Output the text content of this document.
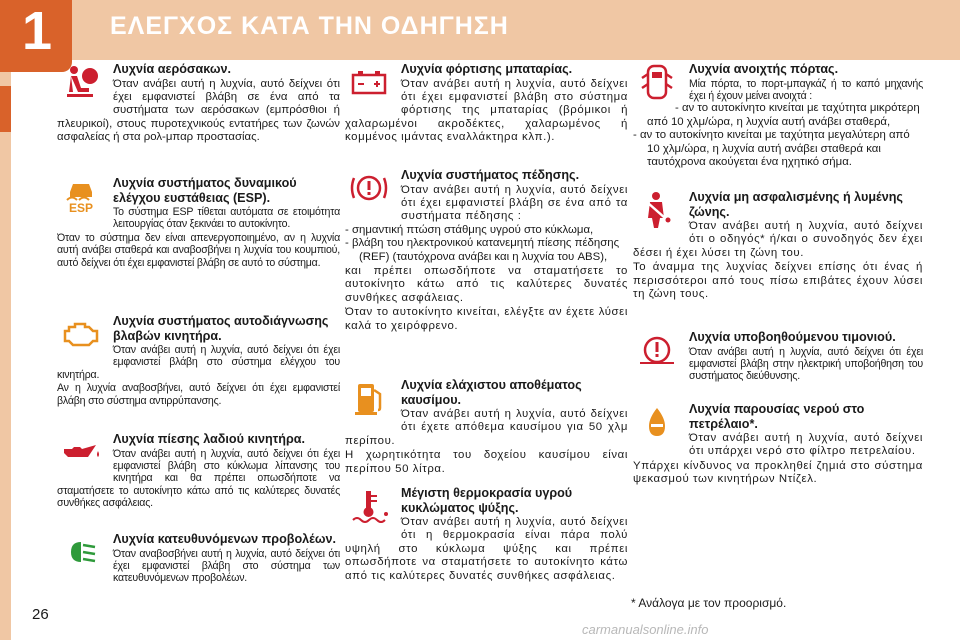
1 ΕΛΕΓΧΟΣ ΚΑΤΑ ΤΗΝ ΟΔΗΓΗΣΗ
Λυχνία αερόσακων.

Όταν ανάβει αυτή η λυχνία, αυτό δείχνει ότι έχει εμφανιστεί βλάβη σε ένα από τα συστήματα των αερόσακων (εμπρόσθιοι ή πλευρικοί), στους πυροτεχνικούς εντατήρες των ζωνών ασφαλείας ή στα ρολ-μπαρ προστασίας.

ESP
Λυχνία συστήματος δυναμικού ελέγχου ευστάθειας (ESP).

Το σύστημα ESP τίθεται αυτόματα σε ετοιμότητα λειτουργίας όταν ξεκινάει το αυτοκίνητο.

Όταν το σύστημα δεν είναι απενεργοποιημένο, αν η λυχνία αυτή ανάβει σταθερά και αναβοσβήνει η λυχνία του κουμπιού, αυτό δείχνει ότι έχει εμφανιστεί βλάβη σε αυτό το σύστημα.

Λυχνία συστήματος αυτοδιάγνωσης βλαβών κινητήρα.

Όταν ανάβει αυτή η λυχνία, αυτό δείχνει ότι έχει εμφανιστεί βλάβη στο σύστημα ελέγχου του κινητήρα.

Αν η λυχνία αναβοσβήνει, αυτό δείχνει ότι έχει εμφανιστεί βλάβη στο σύστημα αντιρρύπανσης.

Λυχνία πίεσης λαδιού κινητήρα.

Όταν ανάβει αυτή η λυχνία, αυτό δείχνει ότι έχει εμφανιστεί βλάβη στο κύκλωμα λίπανσης του κινητήρα και θα πρέπει οπωσδήποτε να σταματήσετε το αυτοκίνητο κάτω από τις καλύτερες δυνατές συνθήκες ασφάλειας.

Λυχνία κατευθυνόμενων προβολέων.

Όταν αναβοσβήνει αυτή η λυχνία, αυτό δείχνει ότι έχει εμφανιστεί βλάβη στο σύστημα των κατευθυνόμενων προβολέων.

Λυχνία φόρτισης μπαταρίας.

Όταν ανάβει αυτή η λυχνία, αυτό δείχνει ότι έχει εμφανιστεί βλάβη στο σύστημα φόρτισης της μπαταρίας (βρόμικοι ή χαλαρωμένοι ακροδέκτες, χαλαρωμένος ή κομμένος ιμάντας εναλλάκτηρα κλπ.).

Λυχνία συστήματος πέδησης.

Όταν ανάβει αυτή η λυχνία, αυτό δείχνει ότι έχει εμφανιστεί βλάβη σε ένα από τα συστήματα πέδησης :

- σημαντική πτώση στάθμης υγρού στο κύκλωμα,
- βλάβη του ηλεκτρονικού κατανεμητή πίεσης πέδησης (REF) (ταυτόχρονα ανάβει και η λυχνία του ABS),

και πρέπει οπωσδήποτε να σταματήσετε το αυτοκίνητο κάτω από τις καλύτερες δυνατές συνθήκες ασφάλειας.

Όταν το αυτοκίνητο κινείται, ελέγξτε αν έχετε λύσει καλά το χειρόφρενο.

Λυχνία ελάχιστου αποθέματος καυσίμου.

Όταν ανάβει αυτή η λυχνία, αυτό δείχνει ότι έχετε απόθεμα καυσίμου για 50 χλμ περίπου.

Η χωρητικότητα του δοχείου καυσίμου είναι περίπου 50 λίτρα.

Μέγιστη θερμοκρασία υγρού κυκλώματος ψύξης.

Όταν ανάβει αυτή η λυχνία, αυτό δείχνει ότι η θερμοκρασία είναι πάρα πολύ υψηλή στο κύκλωμα ψύξης και πρέπει οπωσδήποτε να σταματήσετε το αυτοκίνητο κάτω από τις καλύτερες δυνατές συνθήκες ασφάλειας.

Λυχνία ανοιχτής πόρτας.

Μία πόρτα, το πορτ-μπαγκάζ ή το καπό μηχανής έχει ή έχουν μείνει ανοιχτά :

- αν το αυτοκίνητο κινείται με ταχύτητα μικρότερη από 10 χλμ/ώρα, η λυχνία αυτή ανάβει σταθερά,
- αν το αυτοκίνητο κινείται με ταχύτητα μεγαλύτερη από 10 χλμ/ώρα, η λυχνία αυτή ανάβει σταθερά και ταυτόχρονα ακούγεται ένα ηχητικό σήμα.
Λυχνία μη ασφαλισμένης ή λυμένης ζώνης.

Όταν ανάβει αυτή η λυχνία, αυτό δείχνει ότι ο οδηγός* ή/και ο συνοδηγός δεν έχει δέσει ή έχει λύσει τη ζώνη του.

Το άναμμα της λυχνίας δείχνει επίσης ότι ένας ή περισσότεροι από τους πίσω επιβάτες έχουν λύσει τη ζώνη τους.

Λυχνία υποβοηθούμενου τιμονιού.

Όταν ανάβει αυτή η λυχνία, αυτό δείχνει ότι έχει εμφανιστεί βλάβη στην ηλεκτρική υποβοήθηση του συστήματος διεύθυνσης.

Λυχνία παρουσίας νερού στο πετρέλαιο*.

Όταν ανάβει αυτή η λυχνία, αυτό δείχνει ότι υπάρχει νερό στο φίλτρο πετρελαίου.

Υπάρχει κίνδυνος να προκληθεί ζημιά στο σύστημα ψεκασμού των κινητήρων Ντίζελ.

* Ανάλογα με τον προορισμό.
26
carmanualsonline.info
